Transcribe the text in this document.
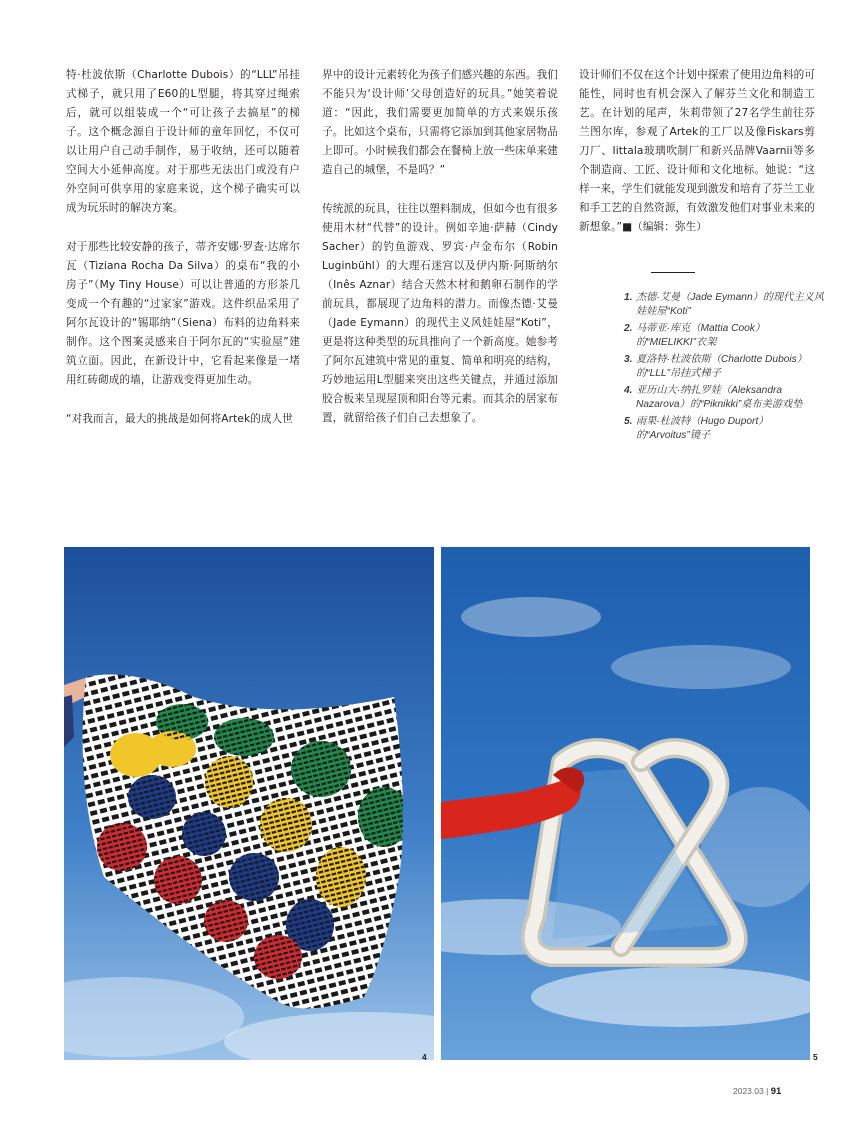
特·杜波依斯（Charlotte Dubois）的“LLL”吊挂式梯子，就只用了E60的L型腿，将其穿过绳索后，就可以组装成一个“可让孩子去搞星”的梯子。这个概念源自于设计师的童年回忆，不仅可以让用户自己动手制作，易于收纳，还可以随着空间大小延伸高度。对于那些无法出门或没有户外空间可供享用的家庭来说，这个梯子确实可以成为玩乐时的解决方案。

对于那些比较安静的孩子，蒂齐安娜·罗查·达席尔瓦（Tiziana Rocha Da Silva）的桌布“我的小房子”（My Tiny House）可以让普通的方形茶几变成一个有趣的“过家家”游戏。这件织品采用了阿尔瓦设计的“锡耶纳”（Siena）布料的边角料来制作。这个图案灵感来自于阿尔瓦的“实验屋”建筑立面。因此，在新设计中，它看起来像是一堵用红砖砌成的墙，让游戏变得更加生动。

“对我而言，最大的挑战是如何将Artek的成人世

界中的设计元素转化为孩子们感兴趣的东西。我们不能只为‘设计师’父母创造好的玩具。”她笑着说道：“因此，我们需要更加简单的方式来娱乐孩子。比如这个桌布，只需将它添加到其他家居物品上即可。小时候我们都会在餐椅上放一些床单来建造自己的城堡，不是吗？”

传统派的玩具，往往以塑料制成，但如今也有很多使用木材“代替”的设计。例如辛迪·萨赫（Cindy Sacher）的钓鱼游戏、罗宾·卢金布尔（Robin Luginbühl）的大理石迷宫以及伊内斯·阿斯纳尔（Inês Aznar）结合天然木材和鹅卵石制作的学前玩具，都展现了边角料的潜力。而像杰德·艾曼（Jade Eymann）的现代主义风娃娃屋“Koti”，更是将这种类型的玩具推向了一个新高度。她参考了阿尔瓦建筑中常见的重复、简单和明亮的结构，巧妙地运用L型腿来突出这些关键点，并通过添加胶合板来呈现屋顶和阳台等元素。而其余的居家布置，就留给孩子们自己去想象了。

设计师们不仅在这个计划中探索了使用边角料的可能性，同时也有机会深入了解芬兰文化和制造工艺。在计划的尾声，朱莉带领了27名学生前往芬兰图尔库，参观了Artek的工厂以及像Fiskars剪刀厂、Iittala玻璃吹制厂和新兴品牌Vaarnii等多个制造商、工匠、设计师和文化地标。她说：“这样一来，学生们就能发现到激发和培育了芬兰工业和手工艺的自然资源，有效激发他们对事业未来的新想象。”■（编辑：弥生）

1. 杰德·艾曼（Jade Eymann）的现代主义风娃娃屋“Koti”
2. 马蒂亚·库克（Mattia Cook）的“MIELIKKI”衣架
3. 夏洛特·杜波依斯（Charlotte Dubois）的“LLL”吊挂式梯子
4. 亚历山大·纳扎罗娃（Aleksandra Nazarova）的“Piknikki”桌布美游戏垫
5. 雨果·杜波特（Hugo Duport）的“Arvoitus”镜子
4	5
2023.03 | 91
